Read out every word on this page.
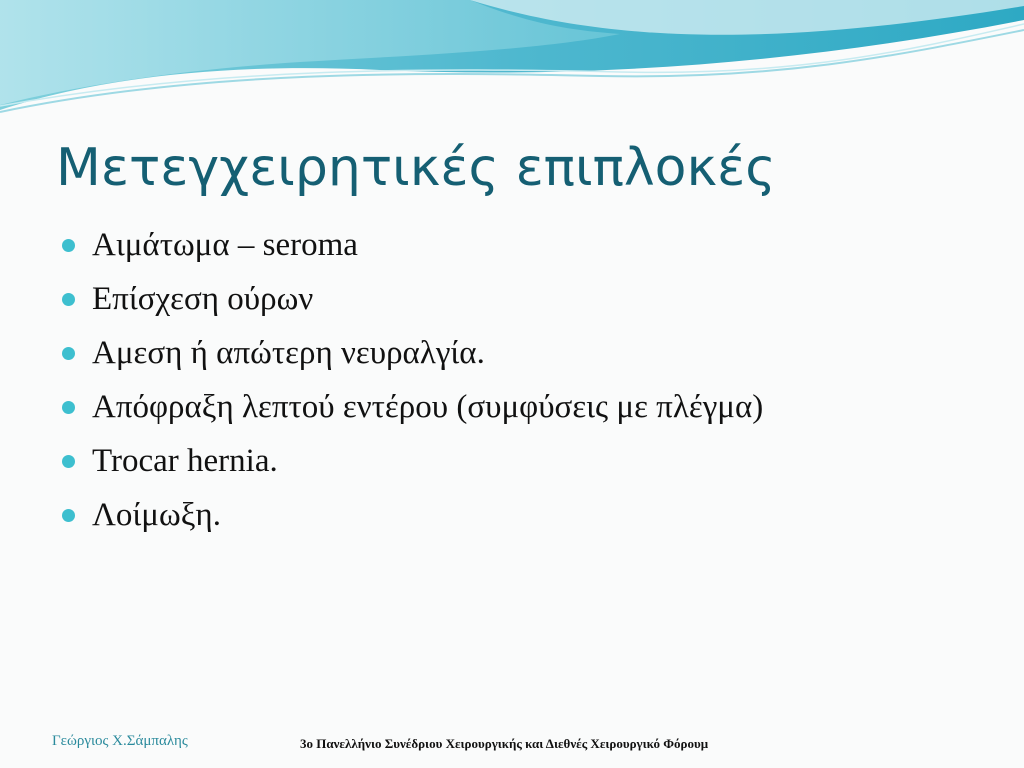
Μετεγχειρητικές επιπλοκές
Αιμάτωμα – seroma
Επίσχεση ούρων
Αμεση ή απώτερη νευραλγία.
Απόφραξη λεπτού εντέρου (συμφύσεις με πλέγμα)
Trocar hernia.
Λοίμωξη.
Γεώργιος Χ.Σάμπαλης	3ο Πανελλήνιο Συνέδριου Χειρουργικής και Διεθνές Χειρουργικό Φόρουμ
